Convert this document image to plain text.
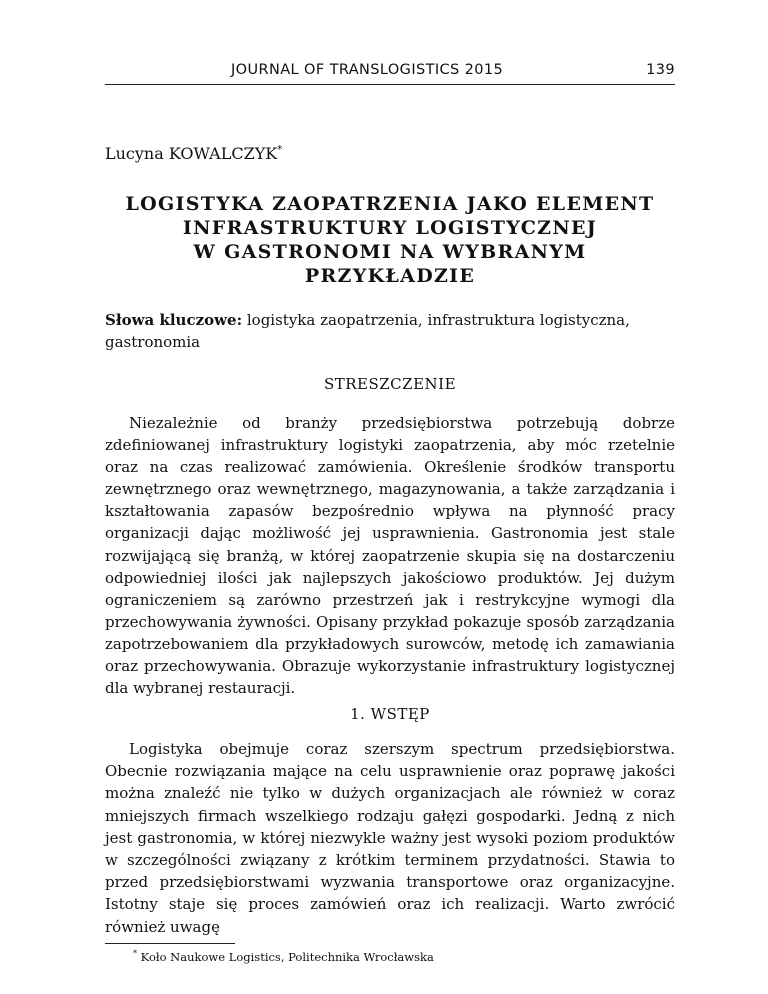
JOURNAL OF TRANSLOGISTICS 2015	139
Lucyna KOWALCZYK*
LOGISTYKA ZAOPATRZENIA JAKO ELEMENT
INFRASTRUKTURY LOGISTYCZNEJ
W GASTRONOMI NA WYBRANYM
PRZYKŁADZIE
Słowa kluczowe: logistyka zaopatrzenia, infrastruktura logistyczna, gastronomia
STRESZCZENIE

Niezależnie od branży przedsiębiorstwa potrzebują dobrze zdefiniowanej infrastruktury logistyki zaopatrzenia, aby móc rzetelnie oraz na czas realizować zamówienia. Określenie środków transportu zewnętrznego oraz wewnętrznego, magazynowania, a także zarządzania i kształtowania zapasów bezpośrednio wpływa na płynność pracy organizacji dając możliwość jej usprawnienia. Gastronomia jest stale rozwijającą się branżą, w której zaopatrzenie skupia się na dostarczeniu odpowiedniej ilości jak najlepszych jakościowo produktów. Jej dużym ograniczeniem są zarówno przestrzeń jak i restrykcyjne wymogi dla przechowywania żywności. Opisany przykład pokazuje sposób zarządzania zapotrzebowaniem dla przykładowych surowców, metodę ich zamawiania oraz przechowywania. Obrazuje wykorzystanie infrastruktury logistycznej dla wybranej restauracji.

1. WSTĘP

Logistyka obejmuje coraz szerszym spectrum przedsiębiorstwa. Obecnie rozwiązania mające na celu usprawnienie oraz poprawę jakości można znaleźć nie tylko w dużych organizacjach ale również w coraz mniejszych firmach wszelkiego rodzaju gałęzi gospodarki. Jedną z nich jest gastronomia, w której niezwykle ważny jest wysoki poziom produktów w szczególności związany z krótkim terminem przydatności. Stawia to przed przedsiębiorstwami wyzwania transportowe oraz organizacyjne. Istotny staje się proces zamówień oraz ich realizacji. Warto zwrócić również uwagę

* Koło Naukowe Logistics, Politechnika Wrocławska
